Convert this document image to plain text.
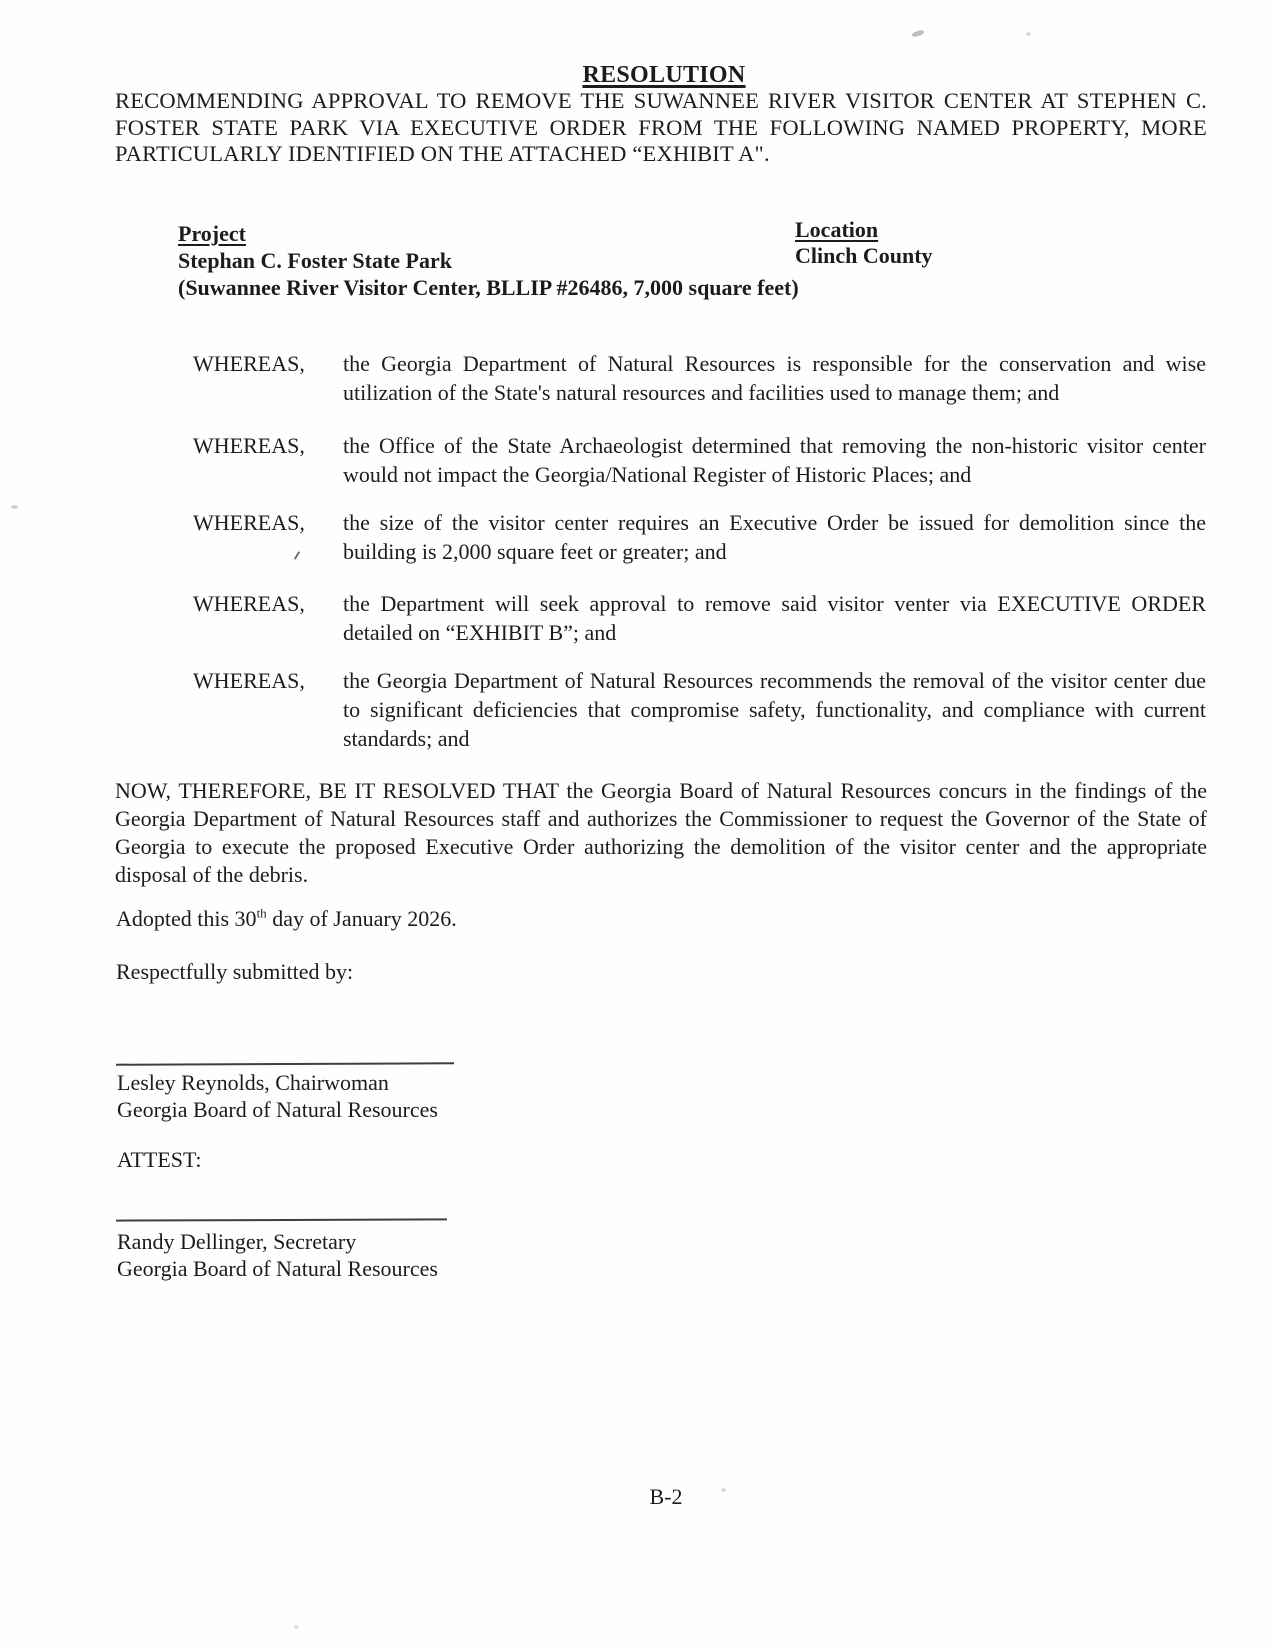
RESOLUTION
RECOMMENDING APPROVAL TO REMOVE THE SUWANNEE RIVER VISITOR CENTER AT STEPHEN C.
FOSTER STATE PARK VIA EXECUTIVE ORDER FROM THE FOLLOWING NAMED PROPERTY, MORE
PARTICULARLY IDENTIFIED ON THE ATTACHED “EXHIBIT A".
Project
Stephan C. Foster State Park
(Suwannee River Visitor Center, BLLIP #26486, 7,000 square feet)
Location
Clinch County
WHEREAS,	the Georgia Department of Natural Resources is responsible for the conservation and wise utilization of the State's natural resources and facilities used to manage them; and
WHEREAS,	the Office of the State Archaeologist determined that removing the non-historic visitor center would not impact the Georgia/National Register of Historic Places; and
WHEREAS,	the size of the visitor center requires an Executive Order be issued for demolition since the building is 2,000 square feet or greater; and
WHEREAS,	the Department will seek approval to remove said visitor venter via EXECUTIVE ORDER detailed on “EXHIBIT B”; and
WHEREAS,	the Georgia Department of Natural Resources recommends the removal of the visitor center due to significant deficiencies that compromise safety, functionality, and compliance with current standards; and
NOW, THEREFORE, BE IT RESOLVED THAT the Georgia Board of Natural Resources concurs in the findings of the Georgia Department of Natural Resources staff and authorizes the Commissioner to request the Governor of the State of Georgia to execute the proposed Executive Order authorizing the demolition of the visitor center and the appropriate disposal of the debris.
Adopted this 30th day of January 2026.
Respectfully submitted by:
Lesley Reynolds, Chairwoman
Georgia Board of Natural Resources
ATTEST:
Randy Dellinger, Secretary
Georgia Board of Natural Resources
B-2
